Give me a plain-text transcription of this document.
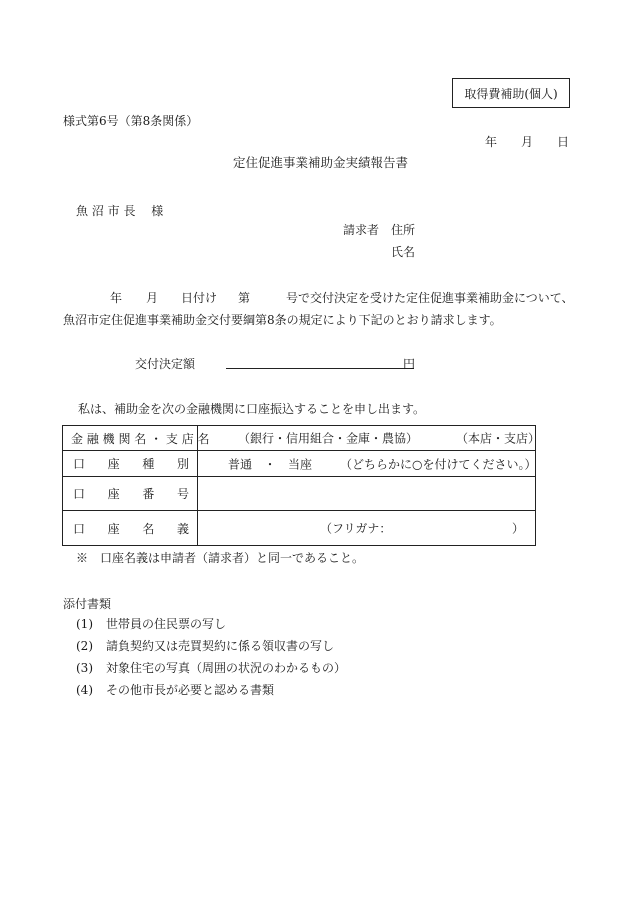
取得費補助(個人)
様式第6号（第8条関係）
年 月 日
定住促進事業補助金実績報告書
魚 沼 市 長　 様
請求者 住所
氏名
年 月 日付け 第	号で交付決定を受けた定住促進事業補助金について、
魚沼市定住促進事業補助金交付要綱第8条の規定により下記のとおり請求します。
交付決定額	円
私は、補助金を次の金融機関に口座振込することを申し出ます。
金 融 機 関 名 ・ 支 店 名	（銀行・信用組合・金庫・農協） （本店・支店）

口 座 種 別	普通　・　当座 （どちらかに○を付けてください。）

口 座 番 号	

口 座 名 義	（フリガナ： ）
※　口座名義は申請者（請求者）と同一であること。
添付書類
(1) 世帯員の住民票の写し
(2) 請負契約又は売買契約に係る領収書の写し
(3) 対象住宅の写真（周囲の状況のわかるもの）
(4) その他市長が必要と認める書類
